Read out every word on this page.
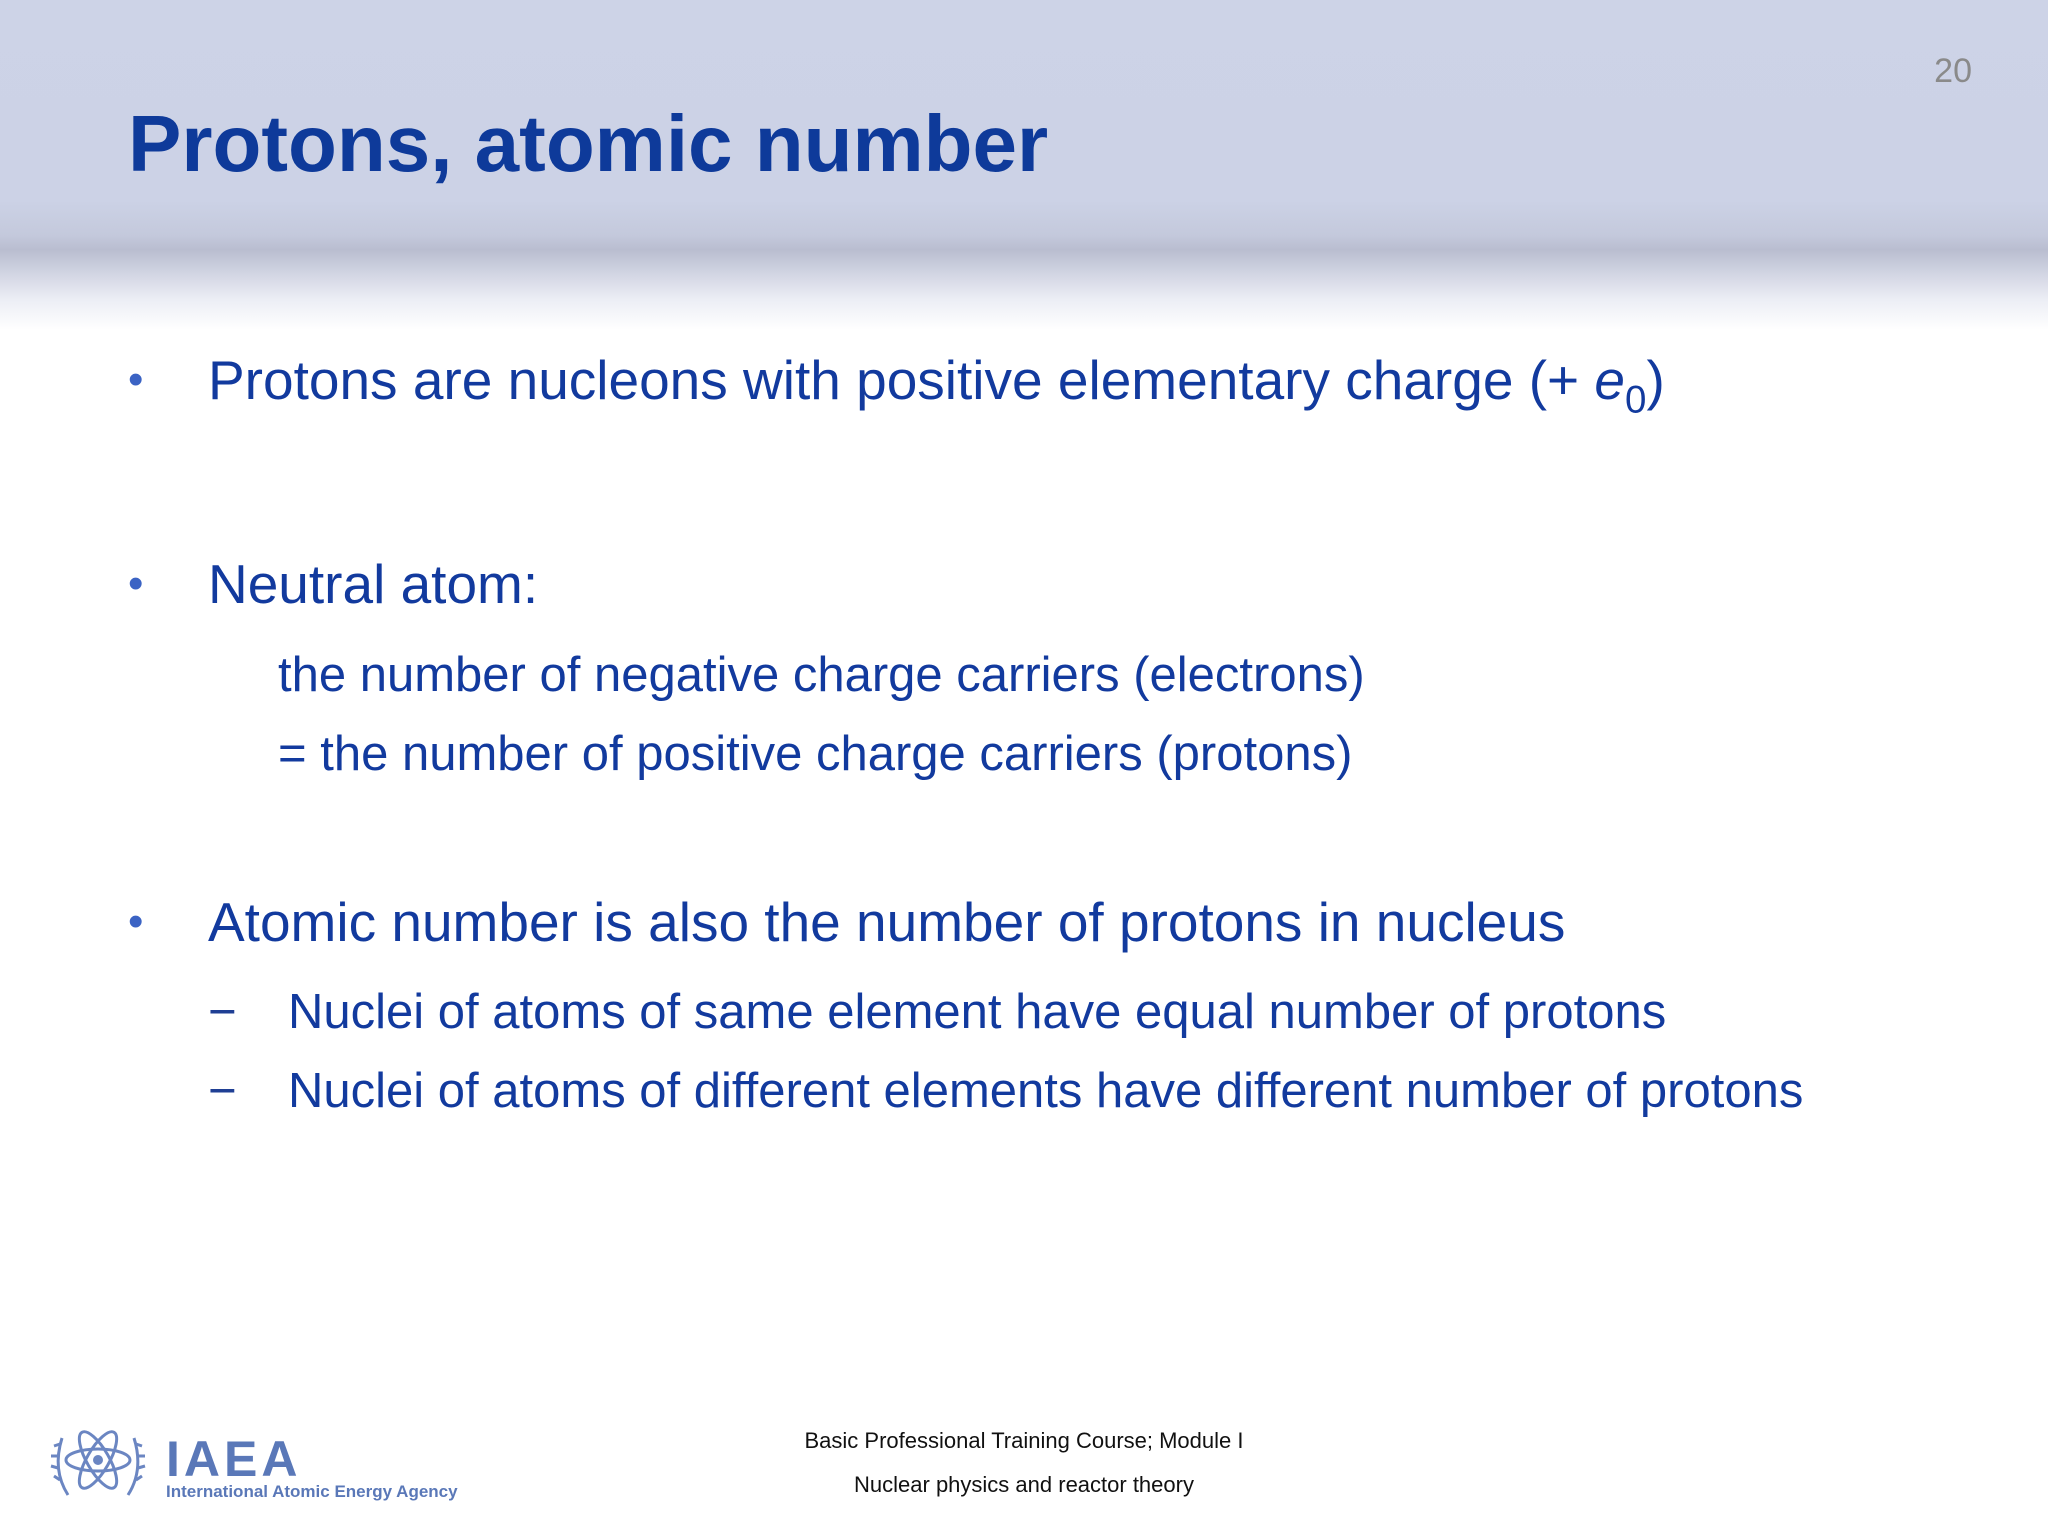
20
Protons, atomic number
• Protons are nucleons with positive elementary charge (+ $e_0$)
• Neutral atom:
the number of negative charge carriers (electrons)
= the number of positive charge carriers (protons)
• Atomic number is also the number of protons in nucleus
− Nuclei of atoms of same element have equal number of protons
− Nuclei of atoms of different elements have different number of protons
IAEA
International Atomic Energy Agency
Basic Professional Training Course; Module I
Nuclear physics and reactor theory
